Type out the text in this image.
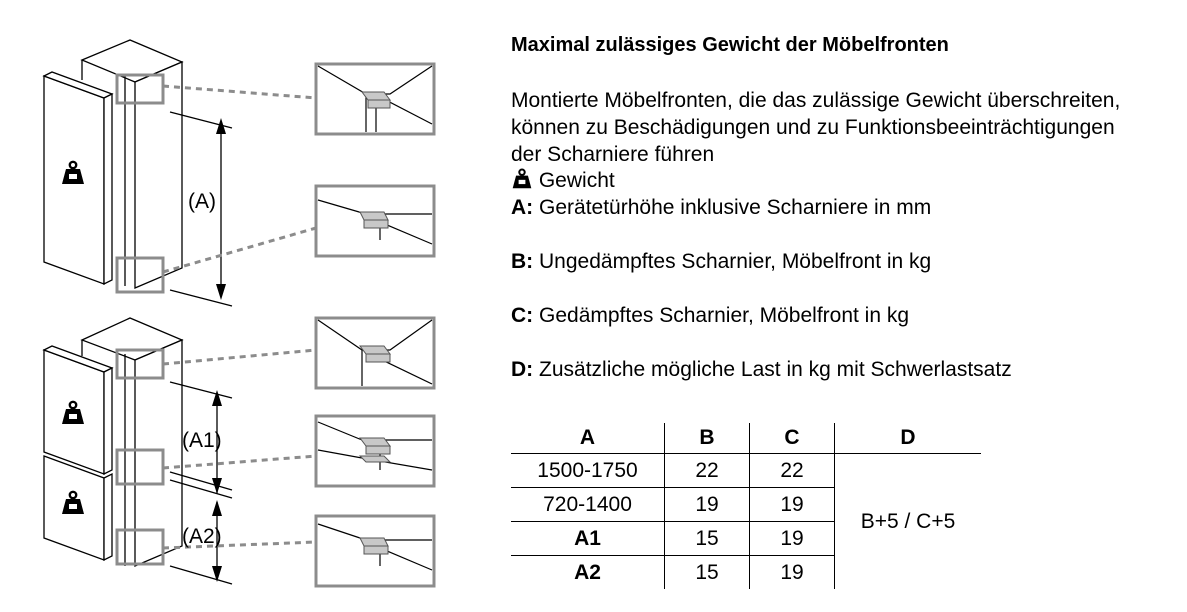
(A)
(A1)
(A2)
Maximal zulässiges Gewicht der Möbelfronten
Montierte Möbelfronten, die das zulässige Gewicht überschreiten, können zu Beschädigungen und zu Funktionsbeeinträchtigungen der Scharniere führen
Gewicht
A: Gerätetürhöhe inklusive Scharniere in mm
B: Ungedämpftes Scharnier, Möbelfront in kg
C: Gedämpftes Scharnier, Möbelfront in kg
D: Zusätzliche mögliche Last in kg mit Schwerlastsatz
A	B	C	D
1500-1750	22	22	B+5 / C+5
720-1400	19	19	
A1	15	19	
A2	15	19	
